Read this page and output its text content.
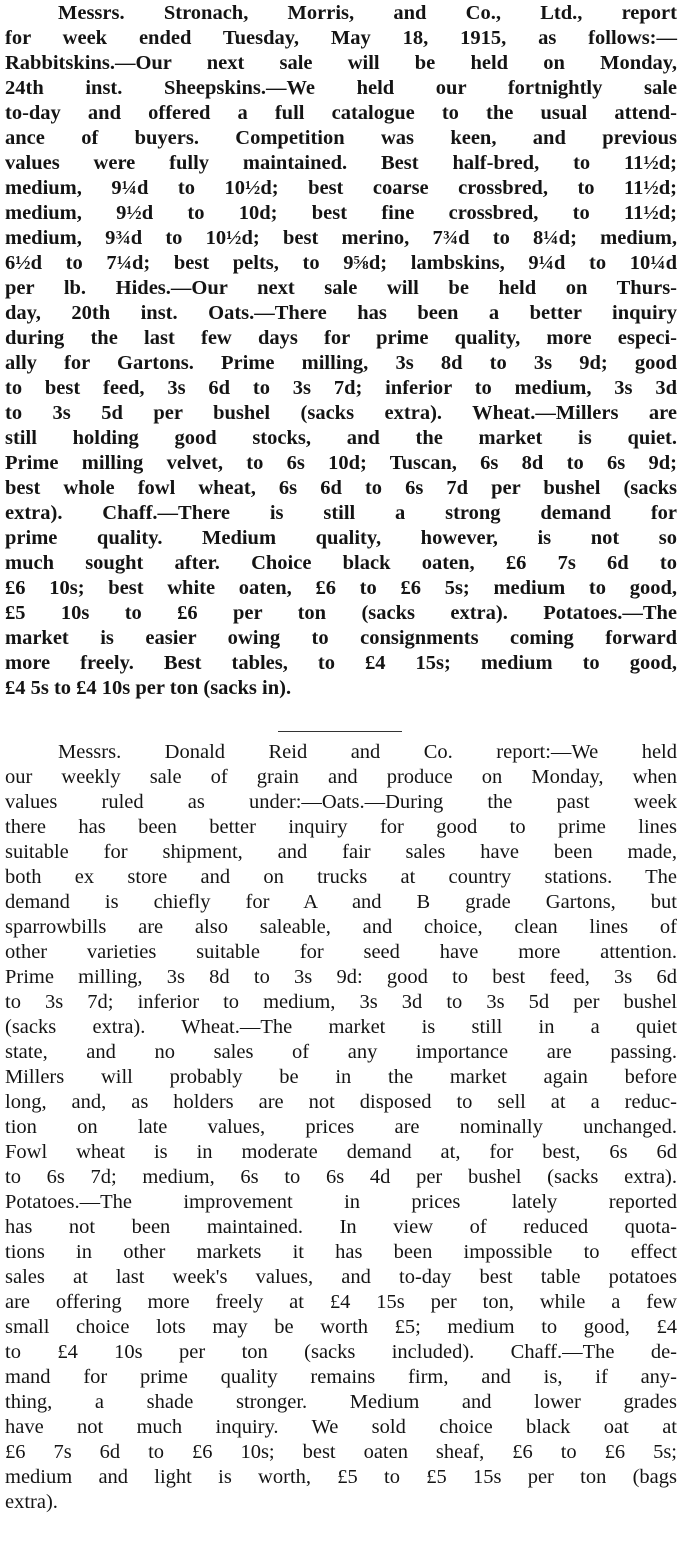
Messrs. Stronach, Morris, and Co., Ltd., report
for week ended Tuesday, May 18, 1915, as follows:—
Rabbitskins.—Our next sale will be held on Monday,
24th inst. Sheepskins.—We held our fortnightly sale
to-day and offered a full catalogue to the usual attend-
ance of buyers. Competition was keen, and previous
values were fully maintained. Best half-bred, to 11½d;
medium, 9¼d to 10½d; best coarse crossbred, to 11½d;
medium, 9½d to 10d; best fine crossbred, to 11½d;
medium, 9¾d to 10½d; best merino, 7¾d to 8¼d; medium,
6½d to 7¼d; best pelts, to 9⅝d; lambskins, 9¼d to 10¼d
per lb. Hides.—Our next sale will be held on Thurs-
day, 20th inst. Oats.—There has been a better inquiry
during the last few days for prime quality, more especi-
ally for Gartons. Prime milling, 3s 8d to 3s 9d; good
to best feed, 3s 6d to 3s 7d; inferior to medium, 3s 3d
to 3s 5d per bushel (sacks extra). Wheat.—Millers are
still holding good stocks, and the market is quiet.
Prime milling velvet, to 6s 10d; Tuscan, 6s 8d to 6s 9d;
best whole fowl wheat, 6s 6d to 6s 7d per bushel (sacks
extra). Chaff.—There is still a strong demand for
prime quality. Medium quality, however, is not so
much sought after. Choice black oaten, £6 7s 6d to
£6 10s; best white oaten, £6 to £6 5s; medium to good,
£5 10s to £6 per ton (sacks extra). Potatoes.—The
market is easier owing to consignments coming forward
more freely. Best tables, to £4 15s; medium to good,
£4 5s to £4 10s per ton (sacks in).
Messrs. Donald Reid and Co. report:—We held
our weekly sale of grain and produce on Monday, when
values ruled as under:—Oats.—During the past week
there has been better inquiry for good to prime lines
suitable for shipment, and fair sales have been made,
both ex store and on trucks at country stations. The
demand is chiefly for A and B grade Gartons, but
sparrowbills are also saleable, and choice, clean lines of
other varieties suitable for seed have more attention.
Prime milling, 3s 8d to 3s 9d: good to best feed, 3s 6d
to 3s 7d; inferior to medium, 3s 3d to 3s 5d per bushel
(sacks extra). Wheat.—The market is still in a quiet
state, and no sales of any importance are passing.
Millers will probably be in the market again before
long, and, as holders are not disposed to sell at a reduc-
tion on late values, prices are nominally unchanged.
Fowl wheat is in moderate demand at, for best, 6s 6d
to 6s 7d; medium, 6s to 6s 4d per bushel (sacks extra).
Potatoes.—The improvement in prices lately reported
has not been maintained. In view of reduced quota-
tions in other markets it has been impossible to effect
sales at last week's values, and to-day best table potatoes
are offering more freely at £4 15s per ton, while a few
small choice lots may be worth £5; medium to good, £4
to £4 10s per ton (sacks included). Chaff.—The de-
mand for prime quality remains firm, and is, if any-
thing, a shade stronger. Medium and lower grades
have not much inquiry. We sold choice black oat at
£6 7s 6d to £6 10s; best oaten sheaf, £6 to £6 5s;
medium and light is worth, £5 to £5 15s per ton (bags
extra).
